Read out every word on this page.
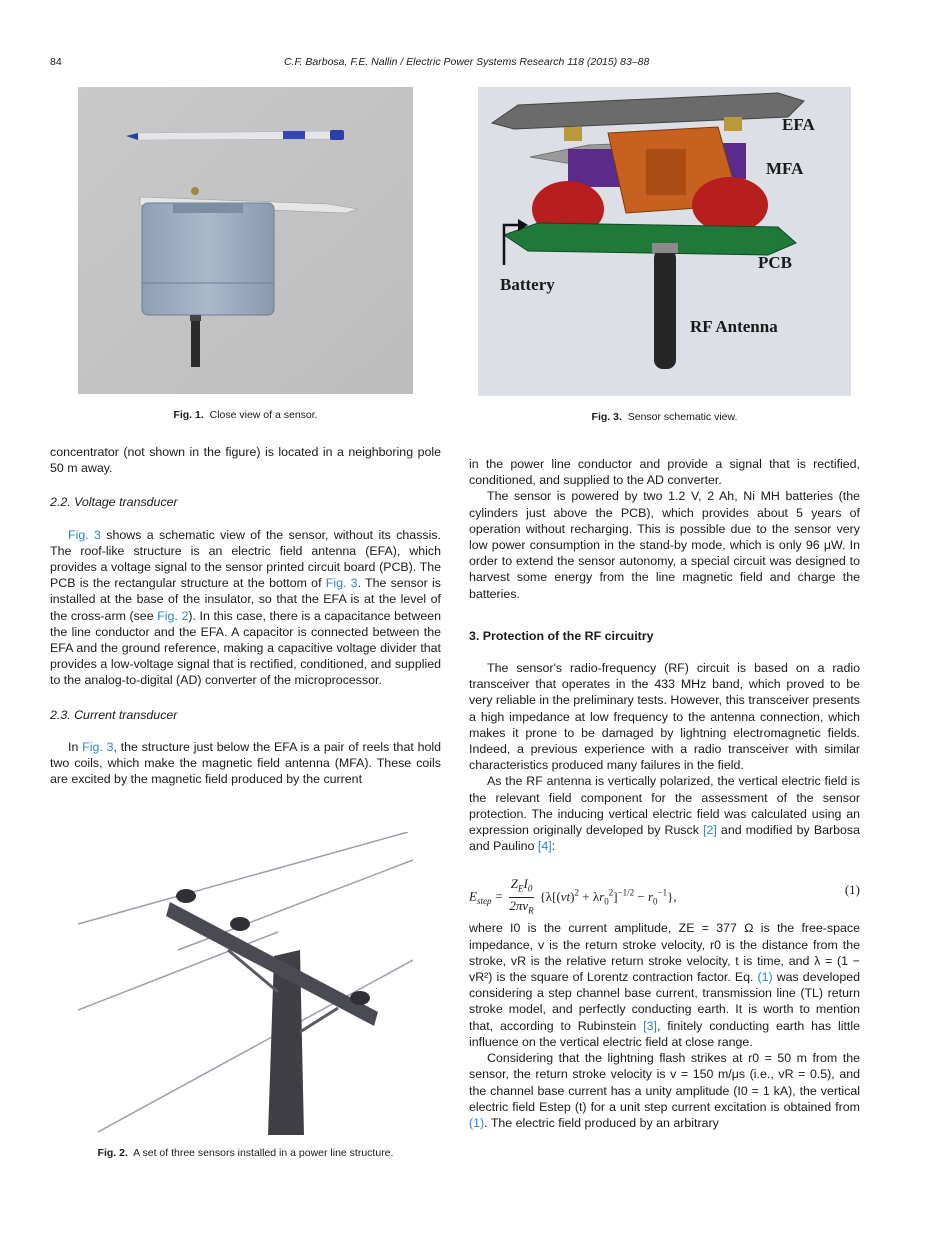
84	C.F. Barbosa, F.E. Nallin / Electric Power Systems Research 118 (2015) 83–88
EFA
MFA
PCB
Battery
RF Antenna
Fig. 1. Close view of a sensor.	Fig. 3. Sensor schematic view.

concentrator (not shown in the figure) is located in a neighboring pole 50 m away.

2.2. Voltage transducer

Fig. 3 shows a schematic view of the sensor, without its chassis. The roof-like structure is an electric field antenna (EFA), which provides a voltage signal to the sensor printed circuit board (PCB). The PCB is the rectangular structure at the bottom of Fig. 3. The sensor is installed at the base of the insulator, so that the EFA is at the level of the cross-arm (see Fig. 2). In this case, there is a capacitance between the line conductor and the EFA. A capacitor is connected between the EFA and the ground reference, making a capacitive voltage divider that provides a low-voltage signal that is rectified, conditioned, and supplied to the analog-to-digital (AD) converter of the microprocessor.

2.3. Current transducer

In Fig. 3, the structure just below the EFA is a pair of reels that hold two coils, which make the magnetic field antenna (MFA). These coils are excited by the magnetic field produced by the current

Fig. 2. A set of three sensors installed in a power line structure.

in the power line conductor and provide a signal that is rectified, conditioned, and supplied to the AD converter.

The sensor is powered by two 1.2 V, 2 Ah, Ni MH batteries (the cylinders just above the PCB), which provides about 5 years of operation without recharging. This is possible due to the sensor very low power consumption in the stand-by mode, which is only 96 μW. In order to extend the sensor autonomy, a special circuit was designed to harvest some energy from the line magnetic field and charge the batteries.

3. Protection of the RF circuitry

The sensor's radio-frequency (RF) circuit is based on a radio transceiver that operates in the 433 MHz band, which proved to be very reliable in the preliminary tests. However, this transceiver presents a high impedance at low frequency to the antenna connection, which makes it prone to be damaged by lightning electromagnetic fields. Indeed, a previous experience with a radio transceiver with similar characteristics produced many failures in the field.

As the RF antenna is vertically polarized, the vertical electric field is the relevant field component for the assessment of the sensor protection. The inducing vertical electric field was calculated using an expression originally developed by Rusck [2] and modified by Barbosa and Paulino [4]:

$E_{step}$ =
$Z_EI_0$
$2\pi v_R$
$\{\lambda[(vt)^2 + \lambda r_0^2]^{-1/2} - r_0^{-1}\}$,	(1)

where I0 is the current amplitude, ZE = 377 Ω is the free-space impedance, v is the return stroke velocity, r0 is the distance from the stroke, vR is the relative return stroke velocity, t is time, and λ = (1 − vR²) is the square of Lorentz contraction factor. Eq. (1) was developed considering a step channel base current, transmission line (TL) return stroke model, and perfectly conducting earth. It is worth to mention that, according to Rubinstein [3], finitely conducting earth has little influence on the vertical electric field at close range.

Considering that the lightning flash strikes at r0 = 50 m from the sensor, the return stroke velocity is v = 150 m/μs (i.e., vR = 0.5), and the channel base current has a unity amplitude (I0 = 1 kA), the vertical electric field Estep (t) for a unit step current excitation is obtained from (1). The electric field produced by an arbitrary
